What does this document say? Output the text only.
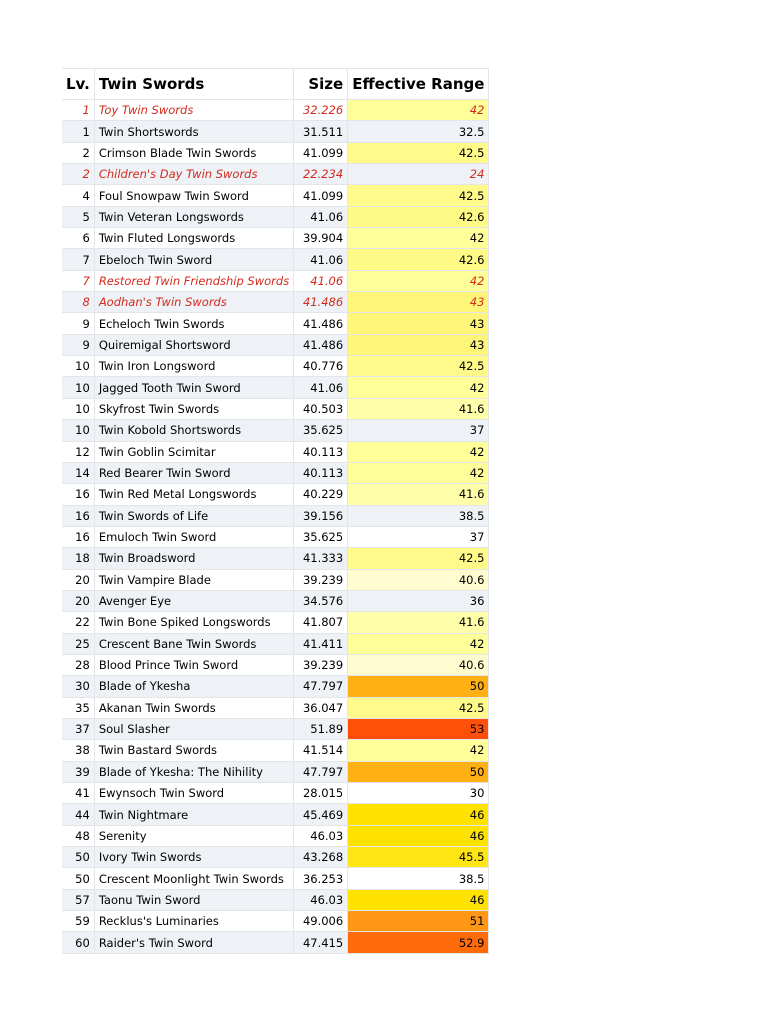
Lv.	Twin Swords	Size	Effective Range
1	Toy Twin Swords	32.226	42
1	Twin Shortswords	31.511	32.5
2	Crimson Blade Twin Swords	41.099	42.5
2	Children's Day Twin Swords	22.234	24
4	Foul Snowpaw Twin Sword	41.099	42.5
5	Twin Veteran Longswords	41.06	42.6
6	Twin Fluted Longswords	39.904	42
7	Ebeloch Twin Sword	41.06	42.6
7	Restored Twin Friendship Swords	41.06	42
8	Aodhan's Twin Swords	41.486	43
9	Echeloch Twin Swords	41.486	43
9	Quiremigal Shortsword	41.486	43
10	Twin Iron Longsword	40.776	42.5
10	Jagged Tooth Twin Sword	41.06	42
10	Skyfrost Twin Swords	40.503	41.6
10	Twin Kobold Shortswords	35.625	37
12	Twin Goblin Scimitar	40.113	42
14	Red Bearer Twin Sword	40.113	42
16	Twin Red Metal Longswords	40.229	41.6
16	Twin Swords of Life	39.156	38.5
16	Emuloch Twin Sword	35.625	37
18	Twin Broadsword	41.333	42.5
20	Twin Vampire Blade	39.239	40.6
20	Avenger Eye	34.576	36
22	Twin Bone Spiked Longswords	41.807	41.6
25	Crescent Bane Twin Swords	41.411	42
28	Blood Prince Twin Sword	39.239	40.6
30	Blade of Ykesha	47.797	50
35	Akanan Twin Swords	36.047	42.5
37	Soul Slasher	51.89	53
38	Twin Bastard Swords	41.514	42
39	Blade of Ykesha: The Nihility	47.797	50
41	Ewynsoch Twin Sword	28.015	30
44	Twin Nightmare	45.469	46
48	Serenity	46.03	46
50	Ivory Twin Swords	43.268	45.5
50	Crescent Moonlight Twin Swords	36.253	38.5
57	Taonu Twin Sword	46.03	46
59	Recklus's Luminaries	49.006	51
60	Raider's Twin Sword	47.415	52.9
